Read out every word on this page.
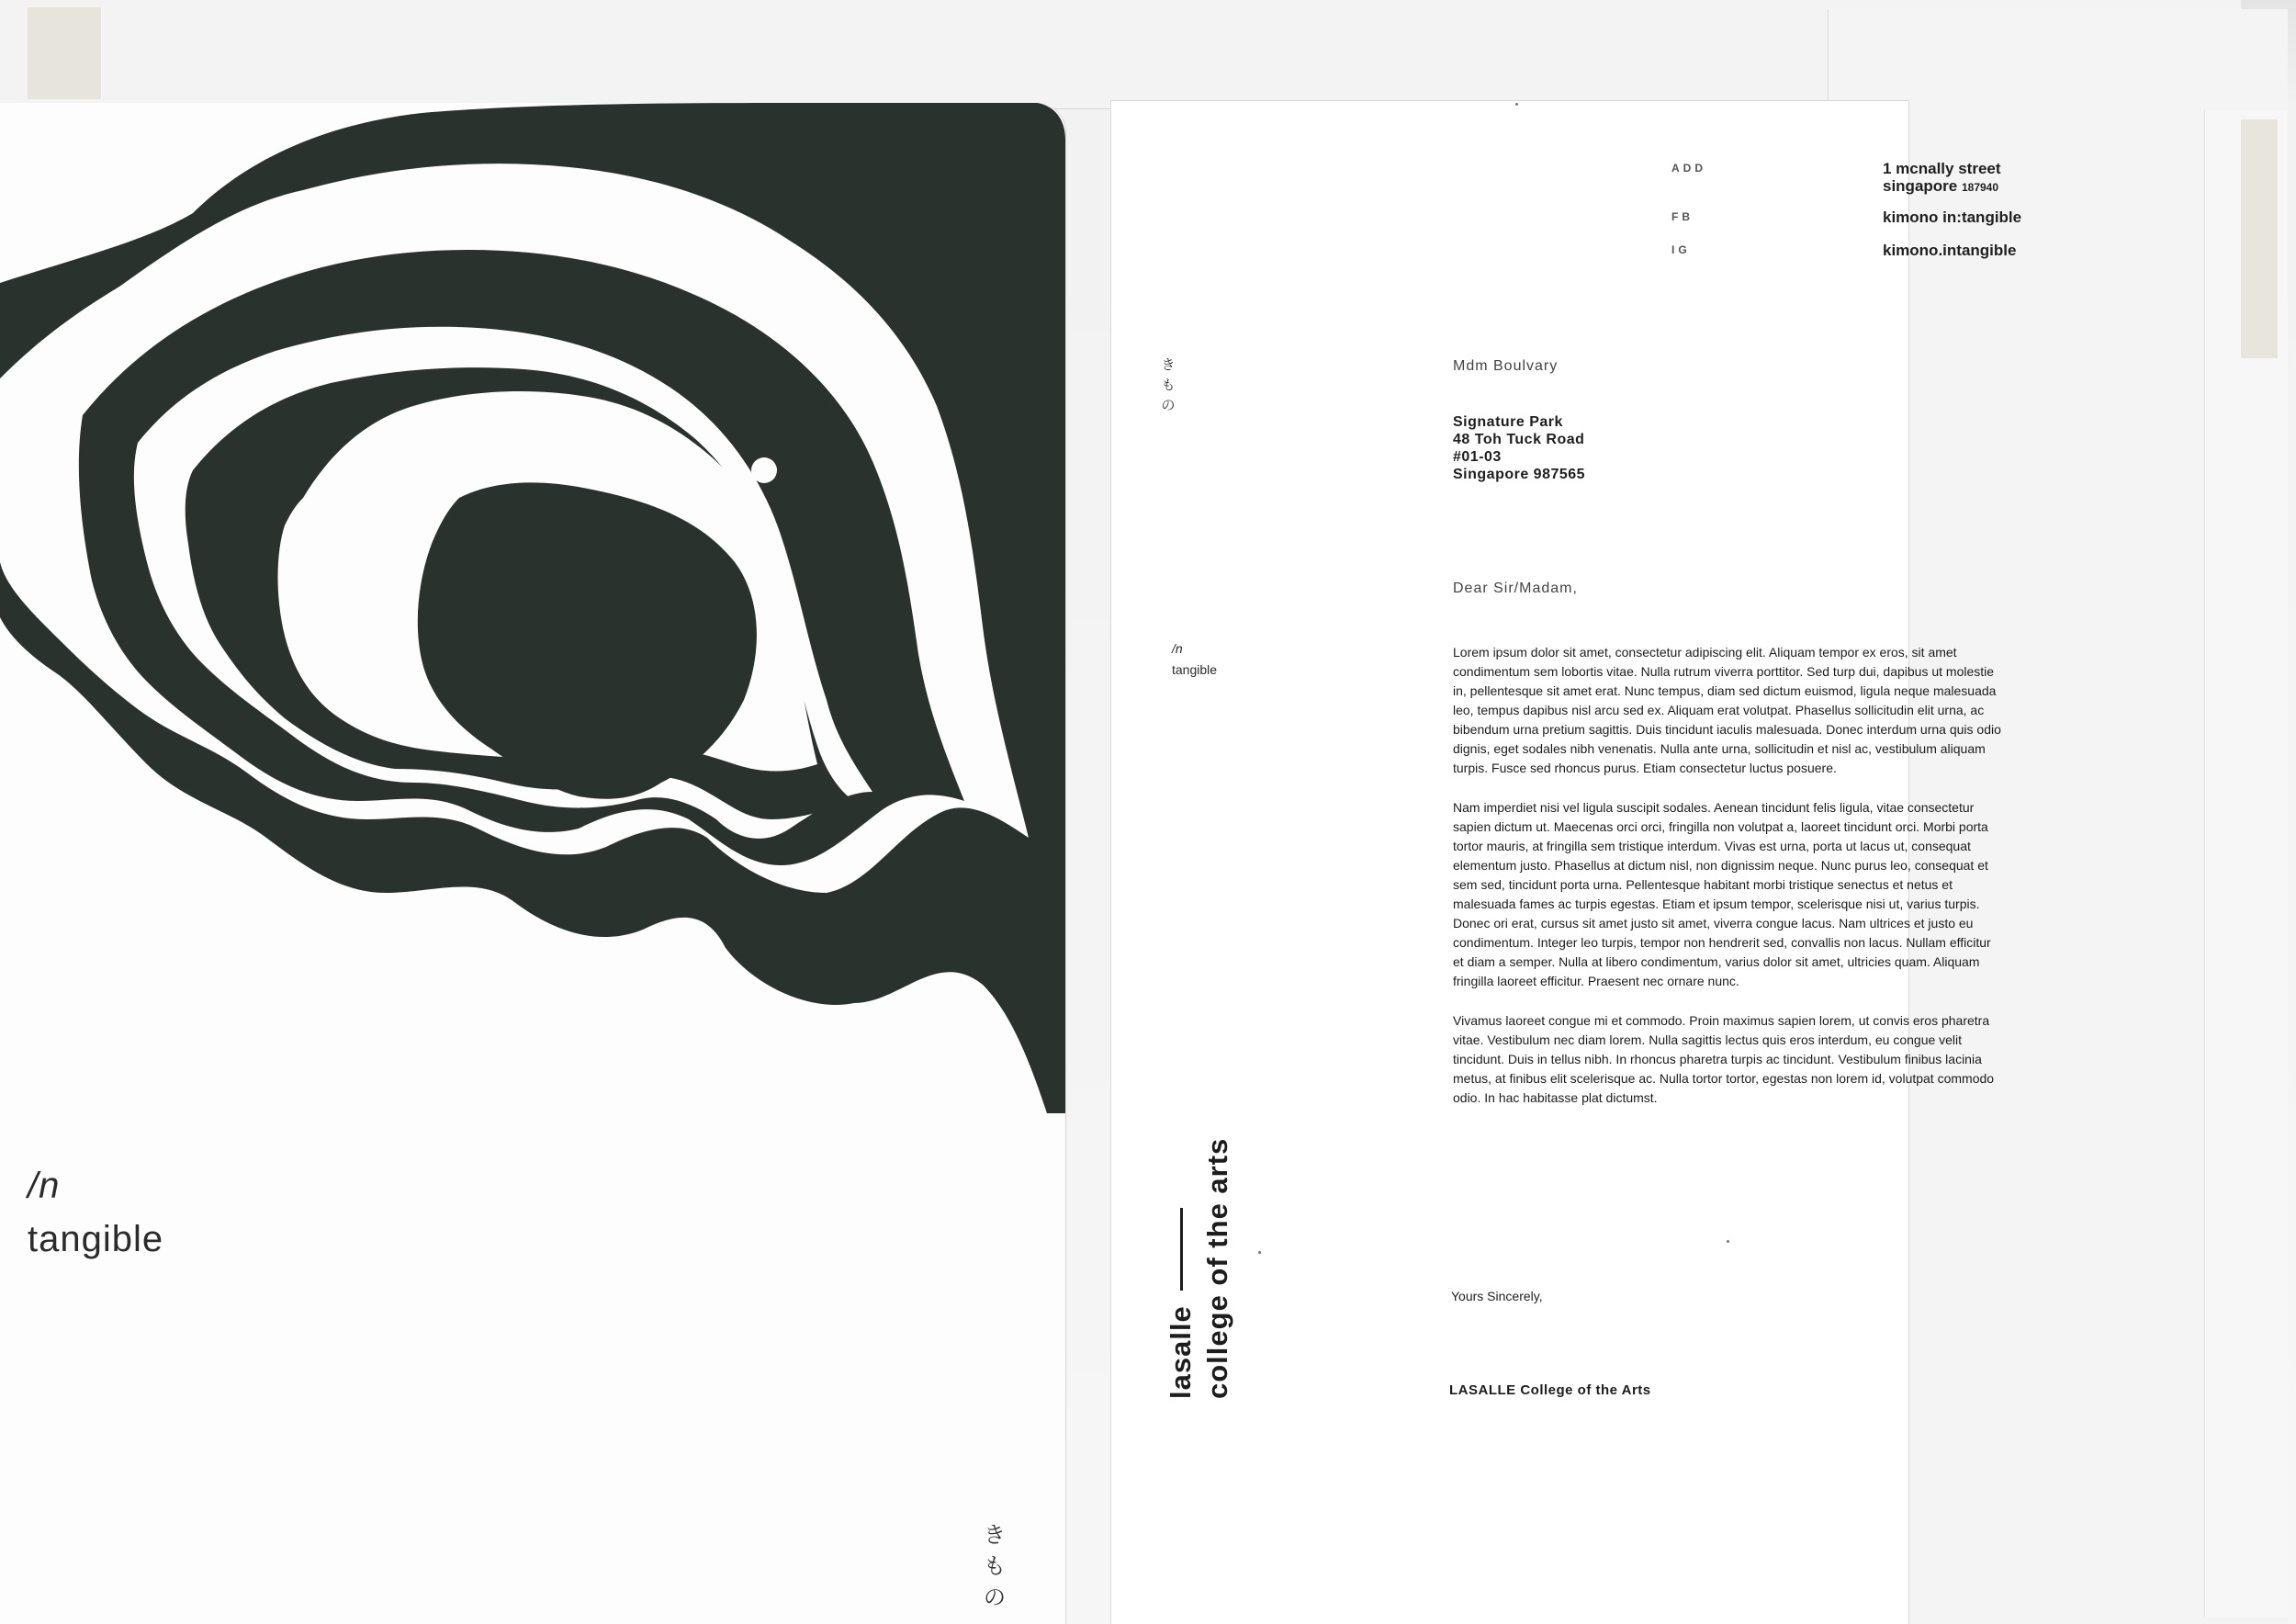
/n
tangible
き
も
の
ADD	1 mcnally street
singapore 187940
FB	kimono in:tangible
IG	kimono.intangible
き
も
の
/n
tangible
lasalle college of the arts
Mdm Boulvary
Signature Park
48 Toh Tuck Road
#01-03
Singapore 987565
Dear Sir/Madam,

Lorem ipsum dolor sit amet, consectetur adipiscing elit. Aliquam tempor ex eros, sit amet condimentum sem lobortis vitae. Nulla rutrum viverra porttitor. Sed turp dui, dapibus ut molestie in, pellentesque sit amet erat. Nunc tempus, diam sed dictum euismod, ligula neque malesuada leo, tempus dapibus nisl arcu sed ex. Aliquam erat volutpat. Phasellus sollicitudin elit urna, ac bibendum urna pretium sagittis. Duis tincidunt iaculis malesuada. Donec interdum urna quis odio dignis, eget sodales nibh venenatis. Nulla ante urna, sollicitudin et nisl ac, vestibulum aliquam turpis. Fusce sed rhoncus purus. Etiam consectetur luctus posuere.

Nam imperdiet nisi vel ligula suscipit sodales. Aenean tincidunt felis ligula, vitae consectetur sapien dictum ut. Maecenas orci orci, fringilla non volutpat a, laoreet tincidunt orci. Morbi porta tortor mauris, at fringilla sem tristique interdum. Vivas est urna, porta ut lacus ut, consequat elementum justo. Phasellus at dictum nisl, non dignissim neque. Nunc purus leo, consequat et sem sed, tincidunt porta urna. Pellentesque habitant morbi tristique senectus et netus et malesuada fames ac turpis egestas. Etiam et ipsum tempor, scelerisque nisi ut, varius turpis. Donec ori erat, cursus sit amet justo sit amet, viverra congue lacus. Nam ultrices et justo eu condimentum. Integer leo turpis, tempor non hendrerit sed, convallis non lacus. Nullam efficitur et diam a semper. Nulla at libero condimentum, varius dolor sit amet, ultricies quam. Aliquam fringilla laoreet efficitur. Praesent nec ornare nunc.

Vivamus laoreet congue mi et commodo. Proin maximus sapien lorem, ut convis eros pharetra vitae. Vestibulum nec diam lorem. Nulla sagittis lectus quis eros interdum, eu congue velit tincidunt. Duis in tellus nibh. In rhoncus pharetra turpis ac tincidunt. Vestibulum finibus lacinia metus, at finibus elit scelerisque ac. Nulla tortor tortor, egestas non lorem id, volutpat commodo odio. In hac habitasse plat dictumst.

Yours Sincerely,
LASALLE College of the Arts
